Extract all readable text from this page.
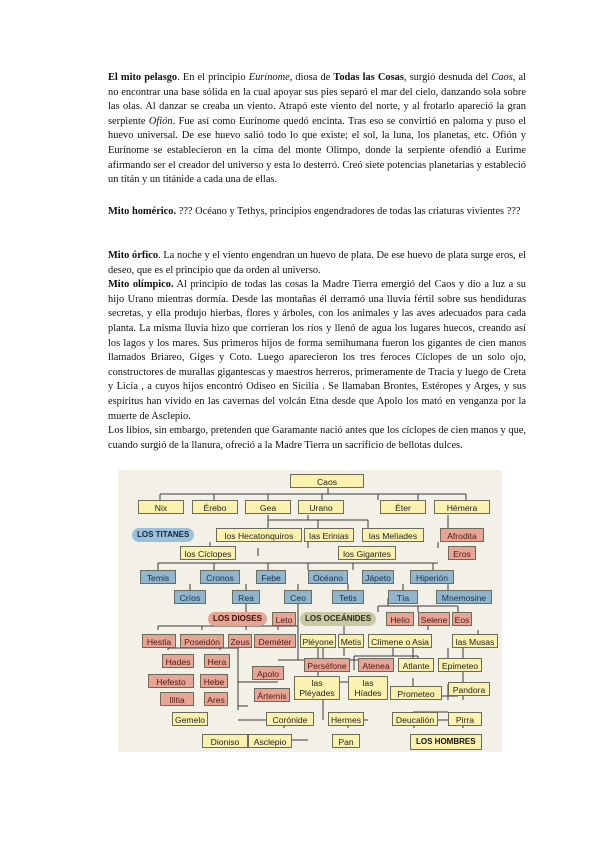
El mito pelasgo. En el principio Eurínome, diosa de Todas las Cosas, surgió desnuda del Caos, al no encontrar una base sólida en la cual apoyar sus pies separó el mar del cielo, danzando sola sobre las olas. Al danzar se creaba un viento. Atrapó este viento del norte, y al frotarlo apareció la gran serpiente Ofión. Fue así como Eurínome quedó encinta. Tras eso se convirtió en paloma y puso el huevo universal. De ese huevo salió todo lo que existe; el sol, la luna, los planetas, etc. Ofión y Eurínome se establecieron en la cima del monte Olimpo, donde la serpiente ofendió a Eurime afirmando ser el creador del universo y esta lo desterró. Creó siete potencias planetarias y estableció un titán y un titánide a cada una de ellas.
Mito homérico. ??? Océano y Tethys, principios engendradores de todas las criaturas vivientes ???
Mito órfico. La noche y el viento engendran un huevo de plata. De ese huevo de plata surge eros, el deseo, que es el principio que da orden al universo.
Mito olímpico. Al principio de todas las cosas la Madre Tierra emergió del Caos y dio a luz a su hijo Urano mientras dormía. Desde las montañas él derramó una lluvia fértil sobre sus hendiduras secretas, y ella produjo hierbas, flores y árboles, con los animales y las aves adecuados para cada planta. La misma lluvia hizo que corrieran los ríos y llenó de agua los lugares huecos, creando así los lagos y los mares. Sus primeros hijos de forma semihumana fueron los gigantes de cien manos llamados Briareo, Giges y Coto. Luego aparecieron los tres feroces Cíclopes de un solo ojo, constructores de murallas gigantescas y maestros herreros, primeramente de Tracia y luego de Creta y Licia , a cuyos hijos encontró Odiseo en Sicilia . Se llamaban Brontes, Estéropes y Arges, y sus espíritus han vivido en las cavernas del volcán Etna desde que Apolo los mató en venganza por la muerte de Asclepio.
Los libios, sin embargo, pretenden que Garamante nació antes que los cíclopes de cien manos y que, cuando surgió de la llanura, ofreció a la Madre Tierra un sacrificio de bellotas dulces.
Caos
Nix	Érebo	Gea	Urano	Éter	Hémera
LOS TITANES	los Hecatonquiros	las Erinias	las Melíades	Afrodita
los Cíclopes	los Gigantes	Eros
Temis	Cronos	Febe	Océano	Jápeto	Hiperión
Críos	Rea	Ceo	Tetis	Tía	Mnemosine
LOS DIOSES	Leto	LOS OCEÁNIDES	Helio	Selene Eos
Hestia	Poseidón	Zeus	Deméter	Pléyone Metis	Clímene o Asia	las Musas
Hades	Hera	Perséfone	Atenea	Atlante	Epimeteo
Hefesto	Hebe
Apolo
las Pléyades
las Híades	Pandora
Ilitia	Ares	Ártemis	Prometeo
Gemelo	Corónide	Hermes	Deucalión	Pirra
Dioniso	Asclepio	Pan	LOS HOMBRES
